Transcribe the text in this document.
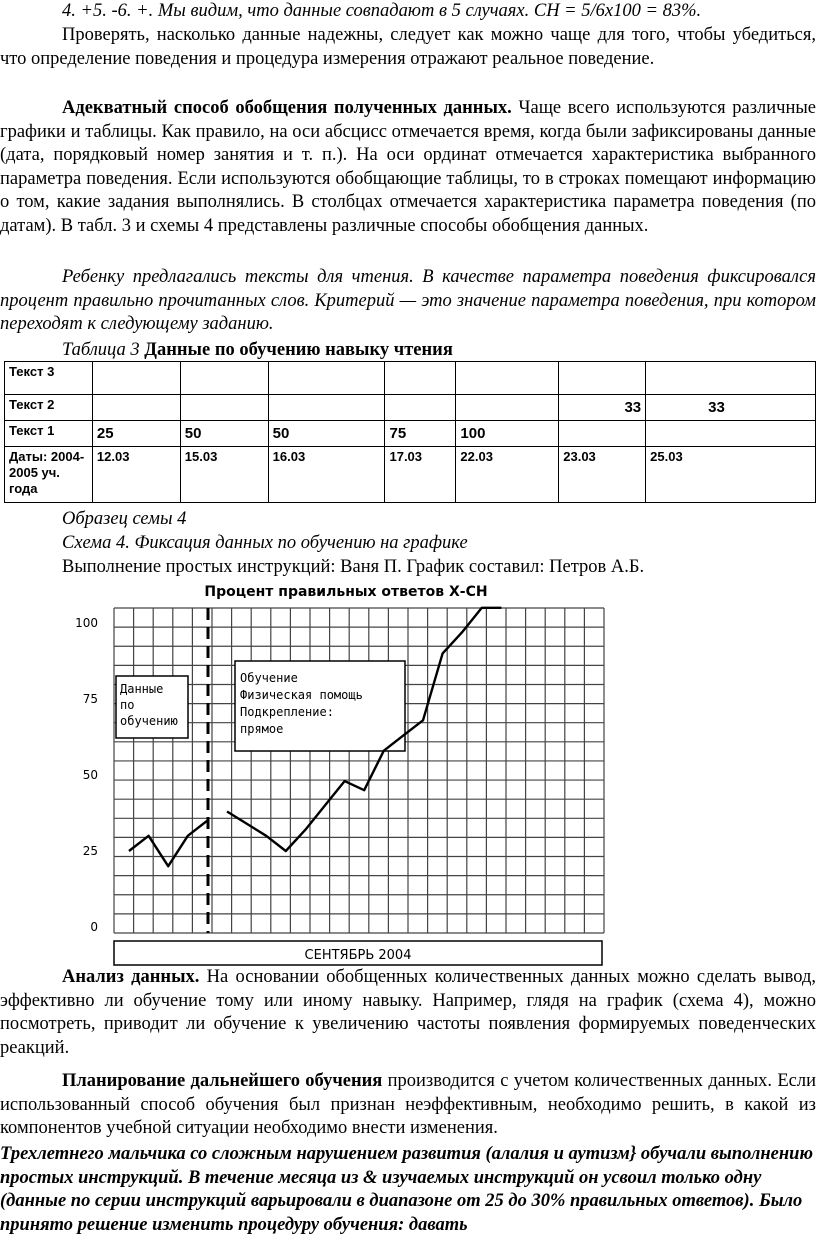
4. +5. -6. +. Мы видим, что данные совпадают в 5 случаях. СН = 5/6х100 = 83%.

Проверять, насколько данные надежны, следует как можно чаще для того, чтобы убедиться, что определение поведения и процедура измерения отражают реальное поведение.

Адекватный способ обобщения полученных данных. Чаще всего используются различные графики и таблицы. Как правило, на оси абсцисс отмечается время, когда были зафиксированы данные (дата, порядковый номер занятия и т. п.). На оси ординат отмечается характеристика выбранного параметра поведения. Если используются обобщающие таблицы, то в строках помещают информацию о том, какие задания выполнялись. В столбцах отмечается характеристика параметра поведения (по датам). В табл. 3 и схемы 4 представлены различные способы обобщения данных.

Ребенку предлагались тексты для чтения. В качестве параметра поведения фиксировался процент правильно прочитанных слов. Критерий — это значение параметра поведения, при котором переходят к следующему заданию.

Таблица 3 Данные по обучению навыку чтения
Текст 3							
Текст 2						33	33
Текст 1	25	50	50	75	100		
Даты: 2004-2005 уч. года	12.03	15.03	16.03	17.03	22.03	23.03	25.03

Образец семы 4

Схема 4. Фиксация данных по обучению на графике

Выполнение простых инструкций: Ваня П. График составил: Петров А.Б.

Процент правильных ответов Х-СН
0
25
50
75
100
Данные по обучению
Обучение Физическая помощь Подкрепление: прямое
СЕНТЯБРЬ 2004

Анализ данных. На основании обобщенных количественных данных можно сделать вывод, эффективно ли обучение тому или иному навыку. Например, глядя на график (схема 4), можно посмотреть, приводит ли обучение к увеличению частоты появления формируемых поведенческих реакций.

Планирование дальнейшего обучения производится с учетом количественных данных. Если использованный способ обучения был признан неэффективным, необходимо решить, в какой из компонентов учебной ситуации необходимо внести изменения.

Трехлетнего мальчика со сложным нарушением развития (алалия и аутизм} обучали выполнению простых инструкций. В течение месяца из & изучаемых инструкций он усвоил только одну (данные по серии инструкций варьировали в диапазоне от 25 до 30% правильных ответов). Было принято решение изменить процедуру обучения: давать
